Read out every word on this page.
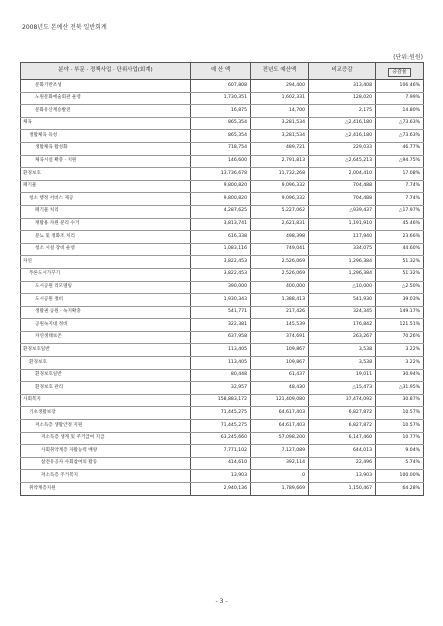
2008년도 본예산 전북 일반회계
(단위:원원)
분야 · 부문 · 정책사업 · 단위사업(회계)	예 산 액	전년도 예산액	비교증감	증감율
문화기반조성	607,808	294,400	313,408	106.46%
노원문화예술회관 운영	1,730,351	1,602,331	128,020	7.99%
문화유산계승발전	16,875	14,700	2,175	14.80%
체육	865,354	3,281,534	△2,416,180	△73.63%
생활체육 육성	865,354	3,281,534	△2,416,180	△73.63%
생활체육 활성화	718,754	489,721	229,033	46.77%
체육시설 확충 · 지원	146,600	2,791,813	△2,645,213	△94.75%
환경보호	13,736,678	11,732,268	2,004,410	17.08%
폐기물	9,800,820	9,096,332	704,488	7.74%
청소 행정 서비스 제공	9,800,820	9,096,332	704,488	7.74%
폐기물 처리	4,287,625	5,227,062	△939,437	△17.97%
재활용 자원 분리 수거	3,813,741	2,621,831	1,191,910	45.46%
분뇨 및 정화조 처리	616,338	498,398	117,940	23.66%
청소 시설 장비 운영	1,083,116	749,041	334,075	44.60%
자연	3,822,453	2,526,069	1,296,384	51.32%
푸른도시가꾸기	3,822,453	2,526,069	1,296,384	51.32%
도시공원 리모델링	390,000	400,000	△10,000	△2.50%
도시공원 정비	1,930,343	1,388,413	541,930	39.03%
생활권 공원 · 녹지확충	541,771	217,426	324,345	149.17%
공원녹지대 정비	322,381	145,539	176,842	121.51%
자연생태보존	637,958	374,691	263,267	70.26%
환경보호일반	113,405	109,867	3,538	3.22%
환경보호	113,405	109,867	3,538	3.22%
환경보호일반	80,448	61,437	19,011	30.94%
환경보호 관리	32,957	48,430	△15,473	△31.95%
사회복지	158,883,172	121,409,080	37,474,092	30.87%
기초생활보장	71,445,275	64,617,403	6,827,872	10.57%
저소득층 생활안정 지원	71,445,275	64,617,403	6,827,872	10.57%
저소득층 생계 및 주거급여 지급	63,245,660	57,098,200	6,147,460	10.77%
사회취약계층 자활능력 배양	7,771,102	7,127,089	644,013	9.04%
참전유공자 사회참여의 활동	414,610	392,114	22,496	5.74%
저소득층 주거복지	13,903	0	13,903	100.00%
취약계층지원	2,940,136	1,789,669	1,150,467	64.28%
- 3 -
